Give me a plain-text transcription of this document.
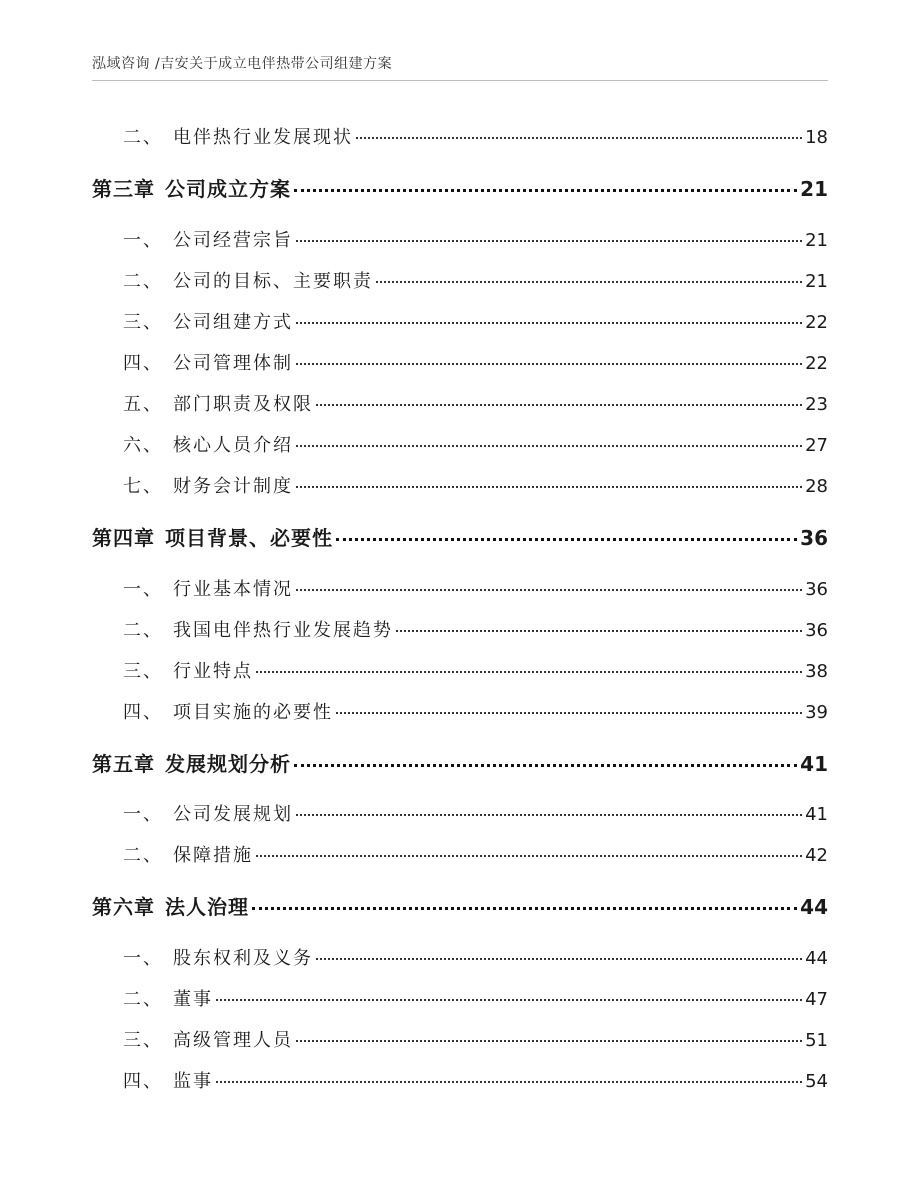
泓域咨询 /吉安关于成立电伴热带公司组建方案
二、 电伴热行业发展现状	18
第三章 公司成立方案	21
一、 公司经营宗旨	21
二、 公司的目标、主要职责	21
三、 公司组建方式	22
四、 公司管理体制	22
五、 部门职责及权限	23
六、 核心人员介绍	27
七、 财务会计制度	28
第四章 项目背景、必要性	36
一、 行业基本情况	36
二、 我国电伴热行业发展趋势	36
三、 行业特点	38
四、 项目实施的必要性	39
第五章 发展规划分析	41
一、 公司发展规划	41
二、 保障措施	42
第六章 法人治理	44
一、 股东权利及义务	44
二、 董事	47
三、 高级管理人员	51
四、 监事	54
